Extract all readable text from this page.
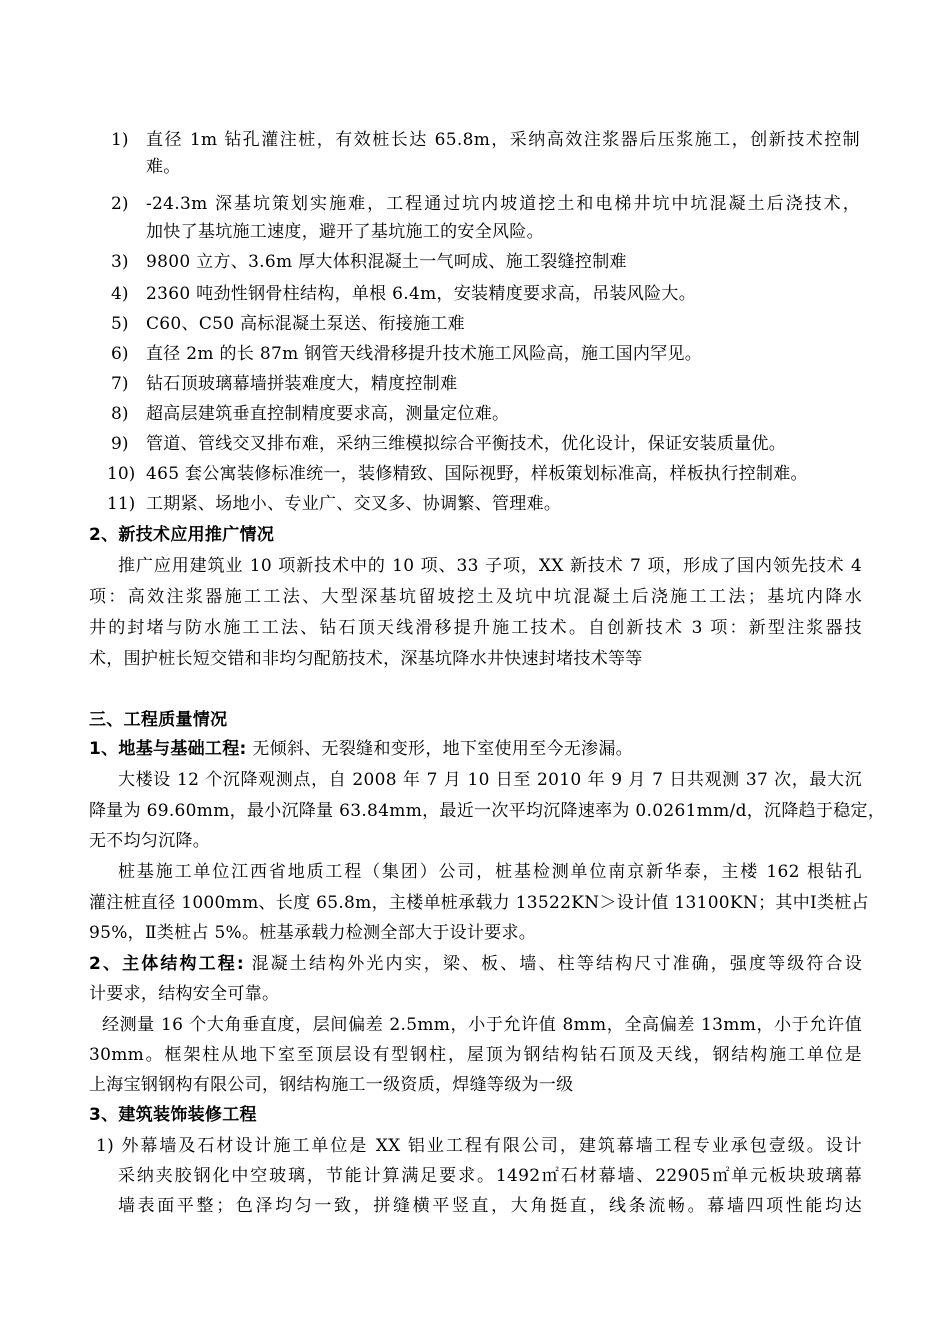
1) 直径 1m 钻孔灌注桩，有效桩长达 65.8m，采纳高效注浆器后压浆施工，创新技术控制
难。
2) -24.3m 深基坑策划实施难，工程通过坑内坡道挖土和电梯井坑中坑混凝土后浇技术，
加快了基坑施工速度，避开了基坑施工的安全风险。
3) 9800 立方、3.6m 厚大体积混凝土一气呵成、施工裂缝控制难
4) 2360 吨劲性钢骨柱结构，单根 6.4m，安装精度要求高，吊装风险大。
5) C60、C50 高标混凝土泵送、衔接施工难
6) 直径 2m 的长 87m 钢管天线滑移提升技术施工风险高，施工国内罕见。
7) 钻石顶玻璃幕墙拼装难度大，精度控制难
8) 超高层建筑垂直控制精度要求高，测量定位难。
9) 管道、管线交叉排布难，采纳三维模拟综合平衡技术，优化设计，保证安装质量优。
10) 465 套公寓装修标准统一，装修精致、国际视野，样板策划标准高，样板执行控制难。
11) 工期紧、场地小、专业广、交叉多、协调繁、管理难。
2、新技术应用推广情况
推广应用建筑业 10 项新技术中的 10 项、33 子项，XX 新技术 7 项，形成了国内领先技术 4
项：高效注浆器施工工法、大型深基坑留坡挖土及坑中坑混凝土后浇施工工法；基坑内降水
井的封堵与防水施工工法、钻石顶天线滑移提升施工技术。自创新技术 3 项：新型注浆器技
术，围护桩长短交错和非均匀配筋技术，深基坑降水井快速封堵技术等等
三、工程质量情况
1、地基与基础工程: 无倾斜、无裂缝和变形，地下室使用至今无渗漏。
大楼设 12 个沉降观测点，自 2008 年 7 月 10 日至 2010 年 9 月 7 日共观测 37 次，最大沉
降量为 69.60mm，最小沉降量 63.84mm，最近一次平均沉降速率为 0.0261mm/d，沉降趋于稳定，
无不均匀沉降。
桩基施工单位江西省地质工程（集团）公司，桩基检测单位南京新华泰，主楼 162 根钻孔
灌注桩直径 1000mm、长度 65.8m，主楼单桩承载力 13522KN＞设计值 13100KN；其中Ⅰ类桩占
95%，Ⅱ类桩占 5%。桩基承载力检测全部大于设计要求。
2、主体结构工程: 混凝土结构外光内实，梁、板、墙、柱等结构尺寸准确，强度等级符合设
计要求，结构安全可靠。
经测量 16 个大角垂直度，层间偏差 2.5mm，小于允许值 8mm，全高偏差 13mm，小于允许值
30mm。框架柱从地下室至顶层设有型钢柱，屋顶为钢结构钻石顶及天线，钢结构施工单位是
上海宝钢钢构有限公司，钢结构施工一级资质，焊缝等级为一级
3、建筑装饰装修工程
1) 外幕墙及石材设计施工单位是 XX 铝业工程有限公司，建筑幕墙工程专业承包壹级。设计
采纳夹胶钢化中空玻璃，节能计算满足要求。1492㎡石材幕墙、22905㎡单元板块玻璃幕
墙表面平整；色泽均匀一致，拼缝横平竖直，大角挺直，线条流畅。幕墙四项性能均达
